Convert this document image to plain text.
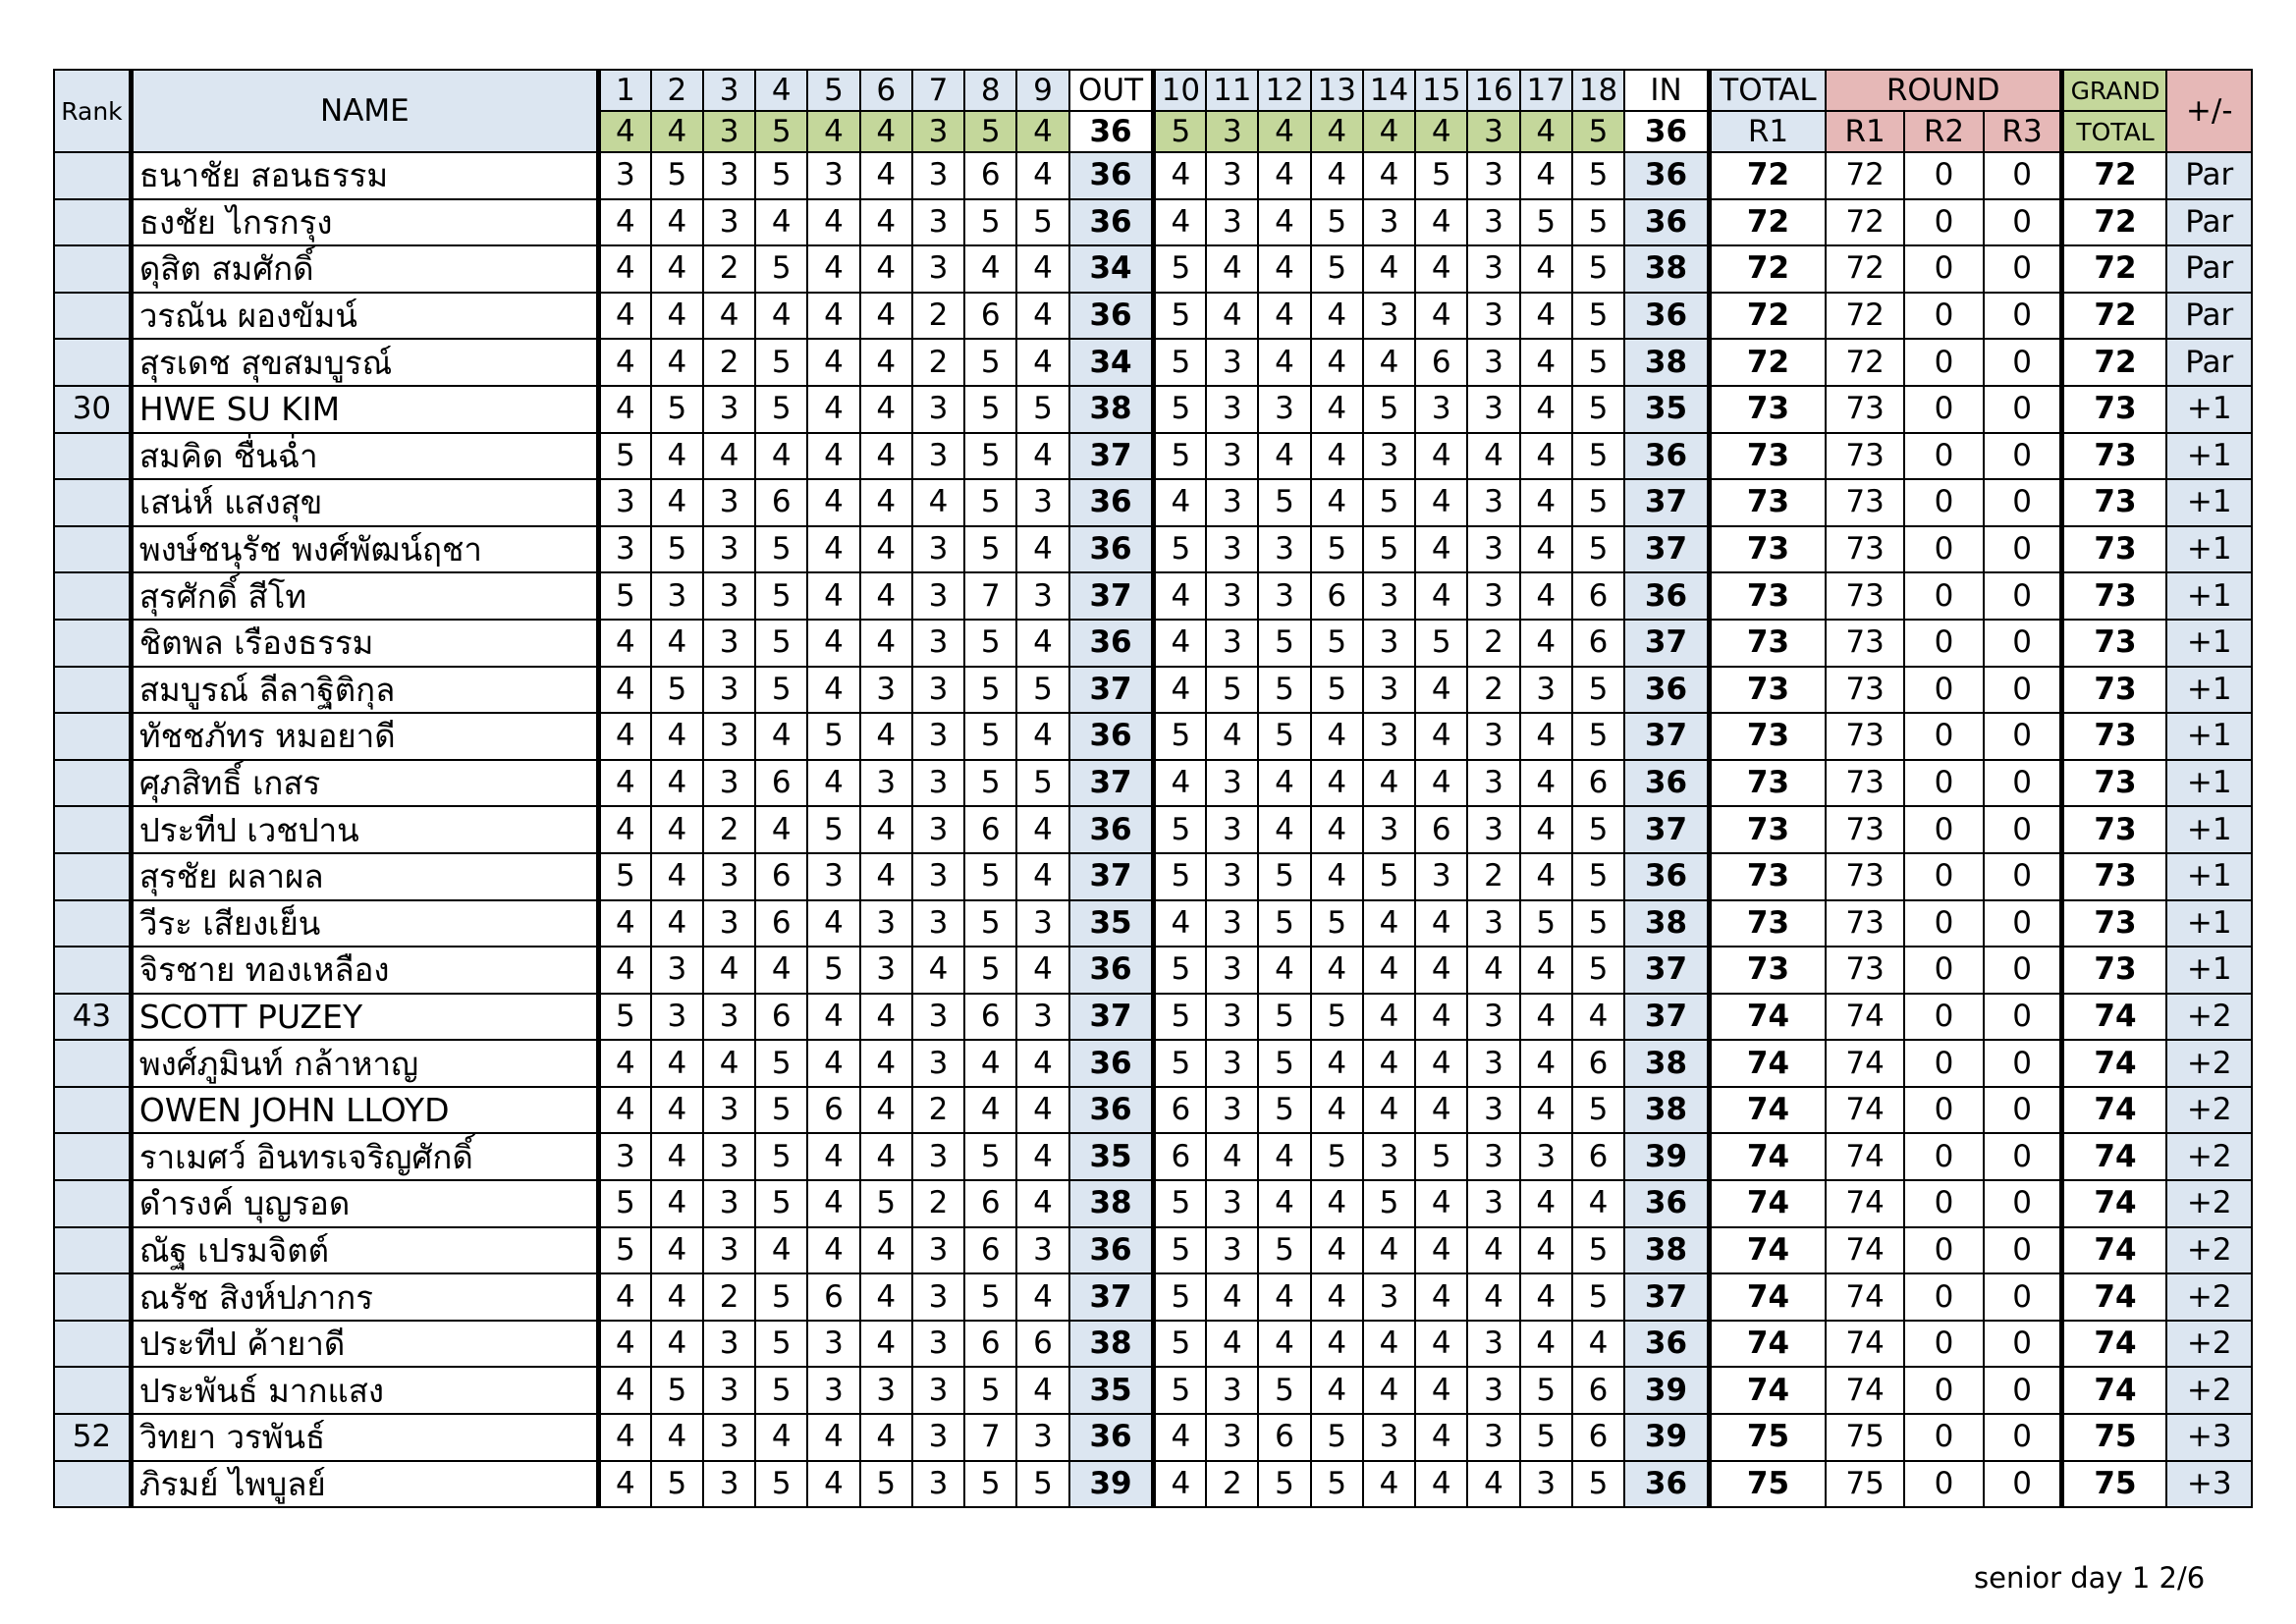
Rank	NAME	1	2	3	4	5	6	7	8	9	OUT	10	11	12	13	14	15	16	17	18	IN	TOTAL	ROUND			GRAND	+/-
		4	4	3	5	4	4	3	5	4	36	5	3	4	4	4	4	3	4	5	36	R1	R1	R2	R3	TOTAL	
	ธนาชัย สอนธรรม	3	5	3	5	3	4	3	6	4	36	4	3	4	4	4	5	3	4	5	36	72	72	0	0	72	Par
	ธงชัย ไกรกรุง	4	4	3	4	4	4	3	5	5	36	4	3	4	5	3	4	3	5	5	36	72	72	0	0	72	Par
	ดุสิต สมศักดิ์	4	4	2	5	4	4	3	4	4	34	5	4	4	5	4	4	3	4	5	38	72	72	0	0	72	Par
	วรณัน ผองขัมน์	4	4	4	4	4	4	2	6	4	36	5	4	4	4	3	4	3	4	5	36	72	72	0	0	72	Par
	สุรเดช สุขสมบูรณ์	4	4	2	5	4	4	2	5	4	34	5	3	4	4	4	6	3	4	5	38	72	72	0	0	72	Par
30	HWE SU KIM	4	5	3	5	4	4	3	5	5	38	5	3	3	4	5	3	3	4	5	35	73	73	0	0	73	+1
	สมคิด ชื่นฉ่ำ	5	4	4	4	4	4	3	5	4	37	5	3	4	4	3	4	4	4	5	36	73	73	0	0	73	+1
	เสน่ห์ แสงสุข	3	4	3	6	4	4	4	5	3	36	4	3	5	4	5	4	3	4	5	37	73	73	0	0	73	+1
	พงษ์ชนุรัช พงศ์พัฒน์ฤชา	3	5	3	5	4	4	3	5	4	36	5	3	3	5	5	4	3	4	5	37	73	73	0	0	73	+1
	สุรศักดิ์ สีโท	5	3	3	5	4	4	3	7	3	37	4	3	3	6	3	4	3	4	6	36	73	73	0	0	73	+1
	ชิตพล เรืองธรรม	4	4	3	5	4	4	3	5	4	36	4	3	5	5	3	5	2	4	6	37	73	73	0	0	73	+1
	สมบูรณ์ ลีลาฐิติกุล	4	5	3	5	4	3	3	5	5	37	4	5	5	5	3	4	2	3	5	36	73	73	0	0	73	+1
	ทัชชภัทร หมอยาดี	4	4	3	4	5	4	3	5	4	36	5	4	5	4	3	4	3	4	5	37	73	73	0	0	73	+1
	ศุภสิทธิ์ เกสร	4	4	3	6	4	3	3	5	5	37	4	3	4	4	4	4	3	4	6	36	73	73	0	0	73	+1
	ประทีป เวชปาน	4	4	2	4	5	4	3	6	4	36	5	3	4	4	3	6	3	4	5	37	73	73	0	0	73	+1
	สุรชัย ผลาผล	5	4	3	6	3	4	3	5	4	37	5	3	5	4	5	3	2	4	5	36	73	73	0	0	73	+1
	วีระ เสียงเย็น	4	4	3	6	4	3	3	5	3	35	4	3	5	5	4	4	3	5	5	38	73	73	0	0	73	+1
	จิรชาย ทองเหลือง	4	3	4	4	5	3	4	5	4	36	5	3	4	4	4	4	4	4	5	37	73	73	0	0	73	+1
43	SCOTT PUZEY	5	3	3	6	4	4	3	6	3	37	5	3	5	5	4	4	3	4	4	37	74	74	0	0	74	+2
	พงศ์ภูมินท์ กล้าหาญ	4	4	4	5	4	4	3	4	4	36	5	3	5	4	4	4	3	4	6	38	74	74	0	0	74	+2
	OWEN JOHN LLOYD	4	4	3	5	6	4	2	4	4	36	6	3	5	4	4	4	3	4	5	38	74	74	0	0	74	+2
	ราเมศว์ อินทรเจริญศักดิ์	3	4	3	5	4	4	3	5	4	35	6	4	4	5	3	5	3	3	6	39	74	74	0	0	74	+2
	ดำรงค์ บุญรอด	5	4	3	5	4	5	2	6	4	38	5	3	4	4	5	4	3	4	4	36	74	74	0	0	74	+2
	ณัฐ เปรมจิตต์	5	4	3	4	4	4	3	6	3	36	5	3	5	4	4	4	4	4	5	38	74	74	0	0	74	+2
	ณรัช สิงห์ปภากร	4	4	2	5	6	4	3	5	4	37	5	4	4	4	3	4	4	4	5	37	74	74	0	0	74	+2
	ประทีป ค้ายาดี	4	4	3	5	3	4	3	6	6	38	5	4	4	4	4	4	3	4	4	36	74	74	0	0	74	+2
	ประพันธ์ มากแสง	4	5	3	5	3	3	3	5	4	35	5	3	5	4	4	4	3	5	6	39	74	74	0	0	74	+2
52	วิทยา วรพันธ์	4	4	3	4	4	4	3	7	3	36	4	3	6	5	3	4	3	5	6	39	75	75	0	0	75	+3
	ภิรมย์ ไพบูลย์	4	5	3	5	4	5	3	5	5	39	4	2	5	5	4	4	4	3	5	36	75	75	0	0	75	+3
senior day 1 2/6
